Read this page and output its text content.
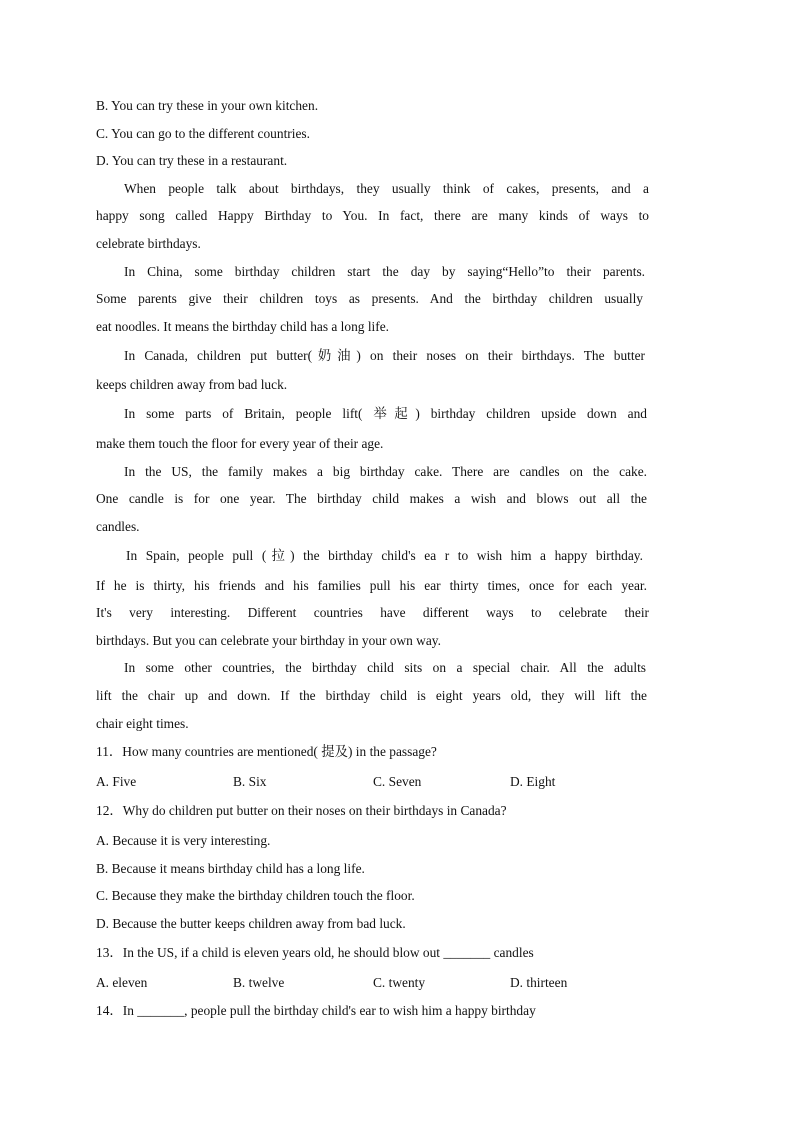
B. You can try these in your own kitchen.
C. You can go to the different countries.
D. You can try these in a restaurant.
When people talk about birthdays, they usually think of cakes, presents, and a
happy song called Happy Birthday to You. In fact, there are many kinds of ways to
celebrate birthdays.
In China, some birthday children start the day by saying“Hello”to their parents.
Some parents give their children toys as presents. And the birthday children usually
eat noodles. It means the birthday child has a long life.
In Canada, children put butter(奶油) on their noses on their birthdays. The butter
keeps children away from bad luck.
In some parts of Britain, people lift( 举起) birthday children upside down and
make them touch the floor for every year of their age.
In the US, the family makes a big birthday cake. There are candles on the cake.
One candle is for one year. The birthday child makes a wish and blows out all the
candles.
In Spain, people pull (拉) the birthday child's ea r to wish him a happy birthday.
If he is thirty, his friends and his families pull his ear thirty times, once for each year.
It's very interesting. Different countries have different ways to celebrate their
birthdays. But you can celebrate your birthday in your own way.
In some other countries, the birthday child sits on a special chair. All the adults
lift the chair up and down. If the birthday child is eight years old, they will lift the
chair eight times.
11．How many countries are mentioned( 提及) in the passage?
A. Five	B. Six	C. Seven	D. Eight
12．Why do children put butter on their noses on their birthdays in Canada?
A. Because it is very interesting.
B. Because it means birthday child has a long life.
C. Because they make the birthday children touch the floor.
D. Because the butter keeps children away from bad luck.
13．In the US, if a child is eleven years old, he should blow out _______ candles
A. eleven	B. twelve	C. twenty	D. thirteen
14．In _______, people pull the birthday child's ear to wish him a happy birthday
